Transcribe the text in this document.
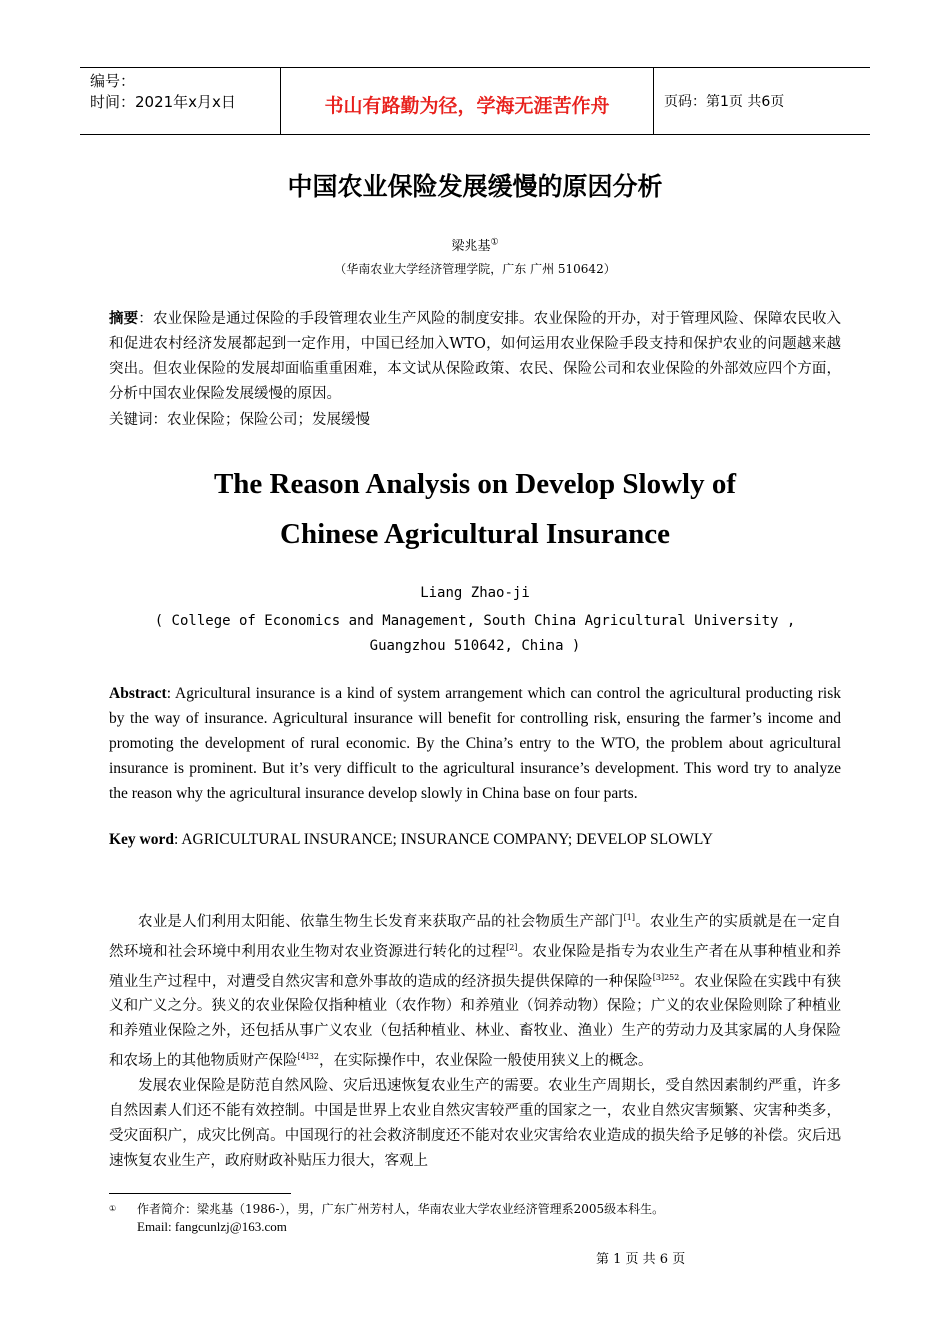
编号：
时间：2021年x月x日	书山有路勤为径，学海无涯苦作舟	页码：第1页 共6页
中国农业保险发展缓慢的原因分析
梁兆基①
（华南农业大学经济管理学院，广东 广州 510642）
摘要：农业保险是通过保险的手段管理农业生产风险的制度安排。农业保险的开办，对于管理风险、保障农民收入和促进农村经济发展都起到一定作用，中国已经加入WTO，如何运用农业保险手段支持和保护农业的问题越来越突出。但农业保险的发展却面临重重困难，本文试从保险政策、农民、保险公司和农业保险的外部效应四个方面，分析中国农业保险发展缓慢的原因。
关键词：农业保险；保险公司；发展缓慢
The Reason Analysis on Develop Slowly of
Chinese Agricultural Insurance
Liang Zhao-ji
( College of Economics and Management, South China Agricultural University ,
Guangzhou 510642, China )
Abstract: Agricultural insurance is a kind of system arrangement which can control the agricultural producting risk by the way of insurance. Agricultural insurance will benefit for controlling risk, ensuring the farmer’s income and promoting the development of rural economic. By the China’s entry to the WTO, the problem about agricultural insurance is prominent. But it’s very difficult to the agricultural insurance’s development. This word try to analyze the reason why the agricultural insurance develop slowly in China base on four parts.
Key word: AGRICULTURAL INSURANCE; INSURANCE COMPANY; DEVELOP SLOWLY

农业是人们利用太阳能、依靠生物生长发育来获取产品的社会物质生产部门[1]。农业生产的实质就是在一定自然环境和社会环境中利用农业生物对农业资源进行转化的过程[2]。农业保险是指专为农业生产者在从事种植业和养殖业生产过程中，对遭受自然灾害和意外事故的造成的经济损失提供保障的一种保险$^{[3]252}$。农业保险在实践中有狭义和广义之分。狭义的农业保险仅指种植业（农作物）和养殖业（饲养动物）保险；广义的农业保险则除了种植业和养殖业保险之外，还包括从事广义农业（包括种植业、林业、畜牧业、渔业）生产的劳动力及其家属的人身保险和农场上的其他物质财产保险$^{[4]32}$，在实际操作中，农业保险一般使用狭义上的概念。

发展农业保险是防范自然风险、灾后迅速恢复农业生产的需要。农业生产周期长，受自然因素制约严重，许多自然因素人们还不能有效控制。中国是世界上农业自然灾害较严重的国家之一，农业自然灾害频繁、灾害种类多，受灾面积广，成灾比例高。中国现行的社会救济制度还不能对农业灾害给农业造成的损失给予足够的补偿。灾后迅速恢复农业生产，政府财政补贴压力很大，客观上

① 作者简介：梁兆基（1986-），男，广东广州芳村人，华南农业大学农业经济管理系2005级本科生。
Email: fangcunlzj@163.com
第 1 页 共 6 页
